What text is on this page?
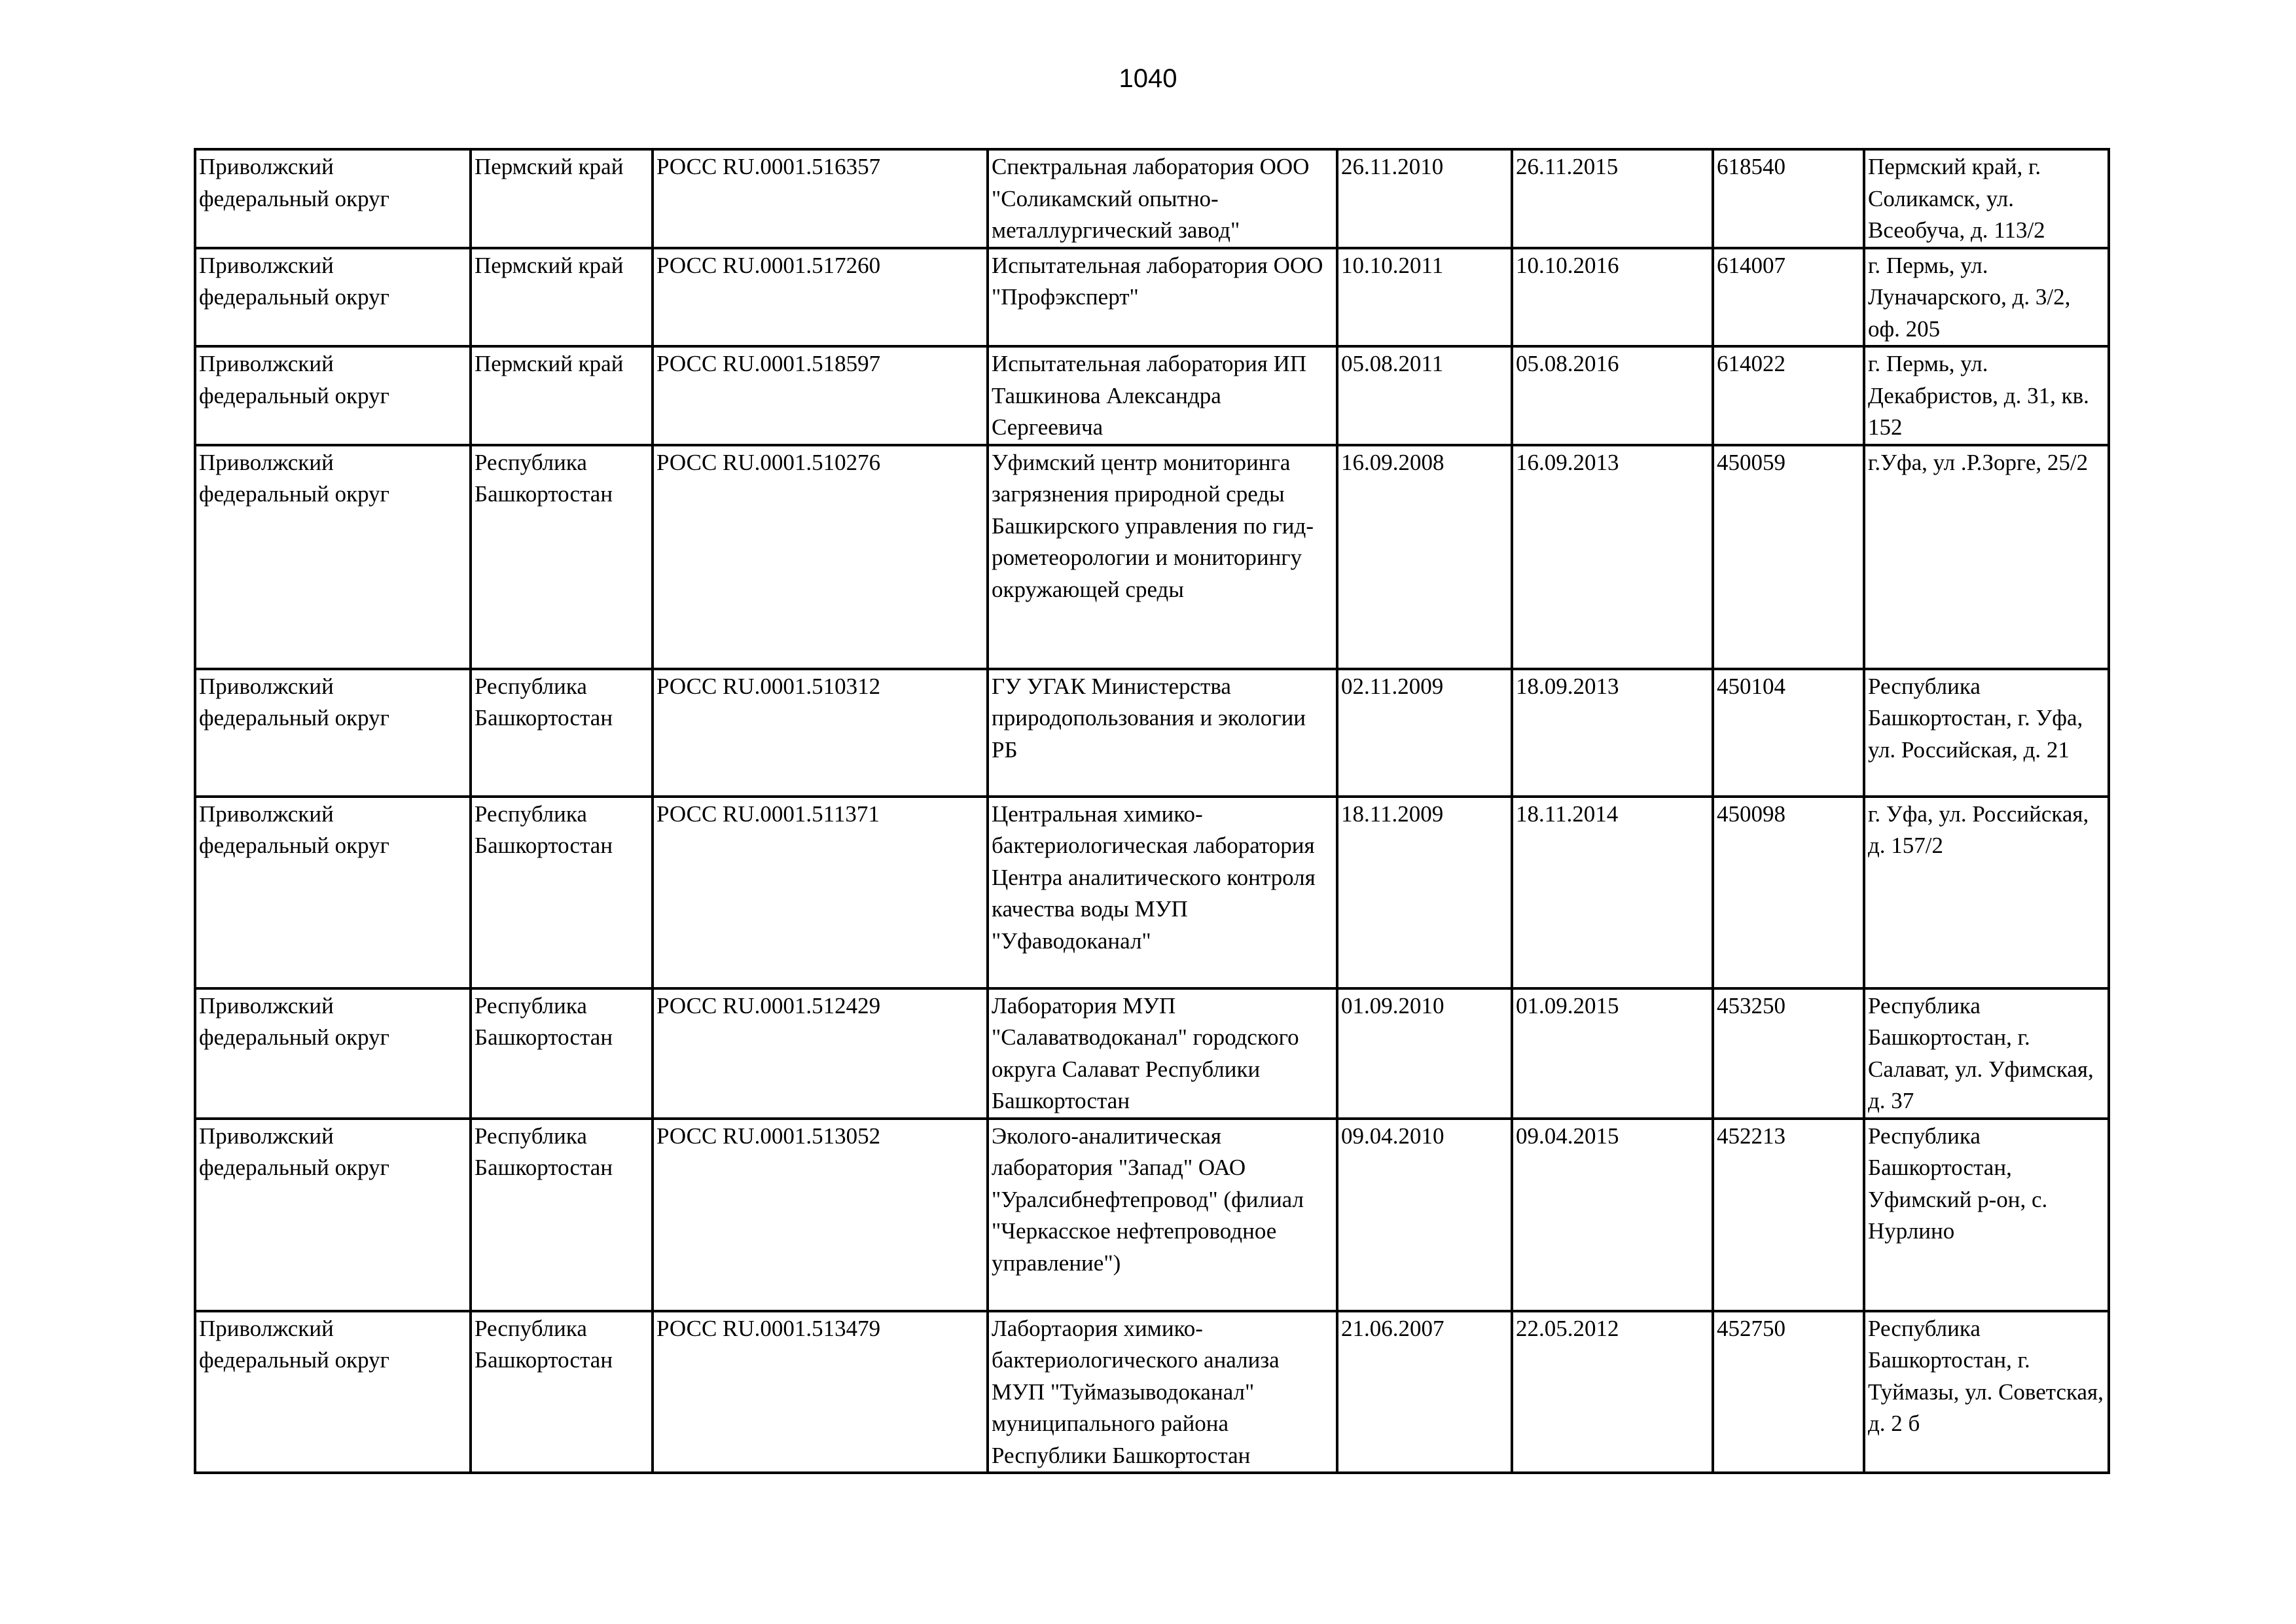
1040
Приволжский федеральный округ	Пермский край	РОСС RU.0001.516357	Спектральная лаборатория ООО "Соликамский опытно-металлургический завод"	26.11.2010	26.11.2015	618540	Пермский край, г. Соликамск, ул. Всеобуча, д. 113/2
Приволжский федеральный округ	Пермский край	РОСС RU.0001.517260	Испытательная лаборатория ООО "Профэксперт"	10.10.2011	10.10.2016	614007	г. Пермь, ул. Луначарского, д. 3/2, оф. 205
Приволжский федеральный округ	Пермский край	РОСС RU.0001.518597	Испытательная лаборатория ИП Ташкинова Александра Сергеевича	05.08.2011	05.08.2016	614022	г. Пермь, ул. Декабристов, д. 31, кв. 152
Приволжский федеральный округ	Республика Башкортостан	РОСС RU.0001.510276	Уфимский центр мониторинга загрязнения природной среды Башкирского управления по гид-рометеорологии и мониторингу окружающей среды	16.09.2008	16.09.2013	450059	г.Уфа, ул .Р.Зорге, 25/2
Приволжский федеральный округ	Республика Башкортостан	РОСС RU.0001.510312	ГУ УГАК Министерства природопользования и экологии РБ	02.11.2009	18.09.2013	450104	Республика Башкортостан, г. Уфа, ул. Российская, д. 21
Приволжский федеральный округ	Республика Башкортостан	РОСС RU.0001.511371	Центральная химико-бактериологическая лаборатория Центра аналитического контроля качества воды МУП "Уфаводоканал"	18.11.2009	18.11.2014	450098	г. Уфа, ул. Российская, д. 157/2
Приволжский федеральный округ	Республика Башкортостан	РОСС RU.0001.512429	Лаборатория МУП "Салаватводоканал" городского округа Салават Республики Башкортостан	01.09.2010	01.09.2015	453250	Республика Башкортостан, г. Салават, ул. Уфимская, д. 37
Приволжский федеральный округ	Республика Башкортостан	РОСС RU.0001.513052	Эколого-аналитическая лаборатория "Запад" ОАО "Уралсибнефтепровод" (филиал "Черкасское нефтепроводное управление")	09.04.2010	09.04.2015	452213	Республика Башкортостан, Уфимский р-он, с. Нурлино
Приволжский федеральный округ	Республика Башкортостан	РОСС RU.0001.513479	Лабортаория химико-бактериологического анализа МУП "Туймазыводоканал" муниципального района Республики Башкортостан	21.06.2007	22.05.2012	452750	Республика Башкортостан, г. Туймазы, ул. Советская, д. 2 б
